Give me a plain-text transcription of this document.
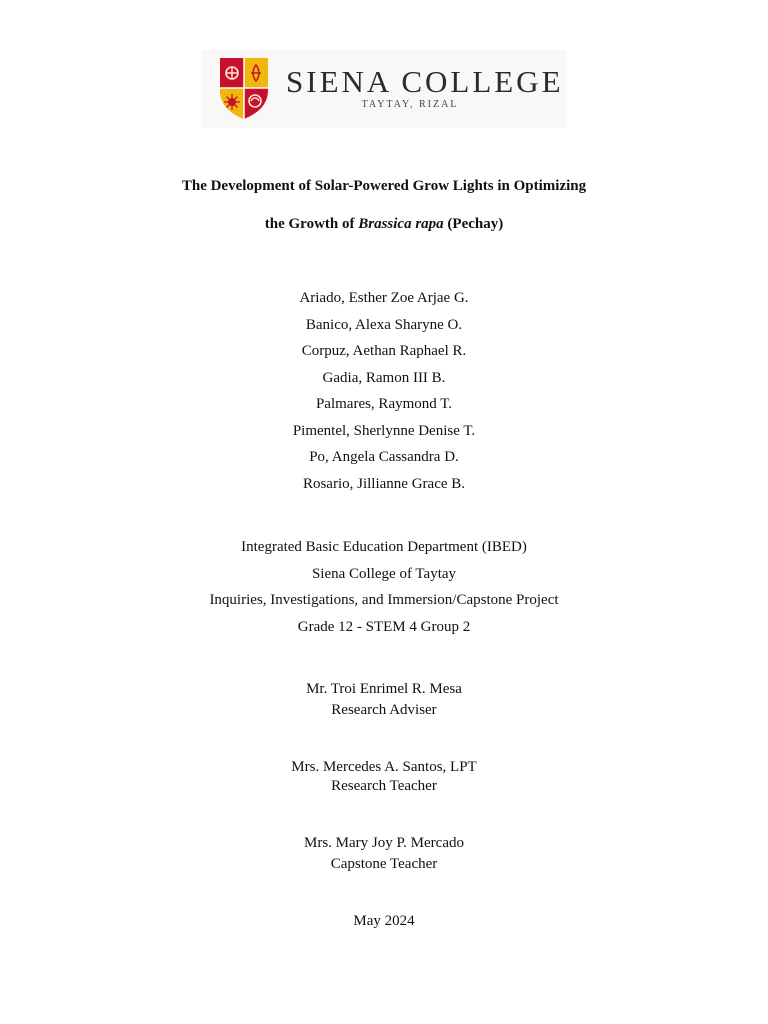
SIENA COLLEGE
TAYTAY, RIZAL
The Development of Solar-Powered Grow Lights in Optimizing
the Growth of Brassica rapa (Pechay)
Ariado, Esther Zoe Arjae G.
Banico, Alexa Sharyne O.
Corpuz, Aethan Raphael R.
Gadia, Ramon III B.
Palmares, Raymond T.
Pimentel, Sherlynne Denise T.
Po, Angela Cassandra D.
Rosario, Jillianne Grace B.
Integrated Basic Education Department (IBED)
Siena College of Taytay
Inquiries, Investigations, and Immersion/Capstone Project
Grade 12 - STEM 4 Group 2
Mr. Troi Enrimel R. Mesa
Research Adviser
Mrs. Mercedes A. Santos, LPT
Research Teacher
Mrs. Mary Joy P. Mercado
Capstone Teacher
May 2024
